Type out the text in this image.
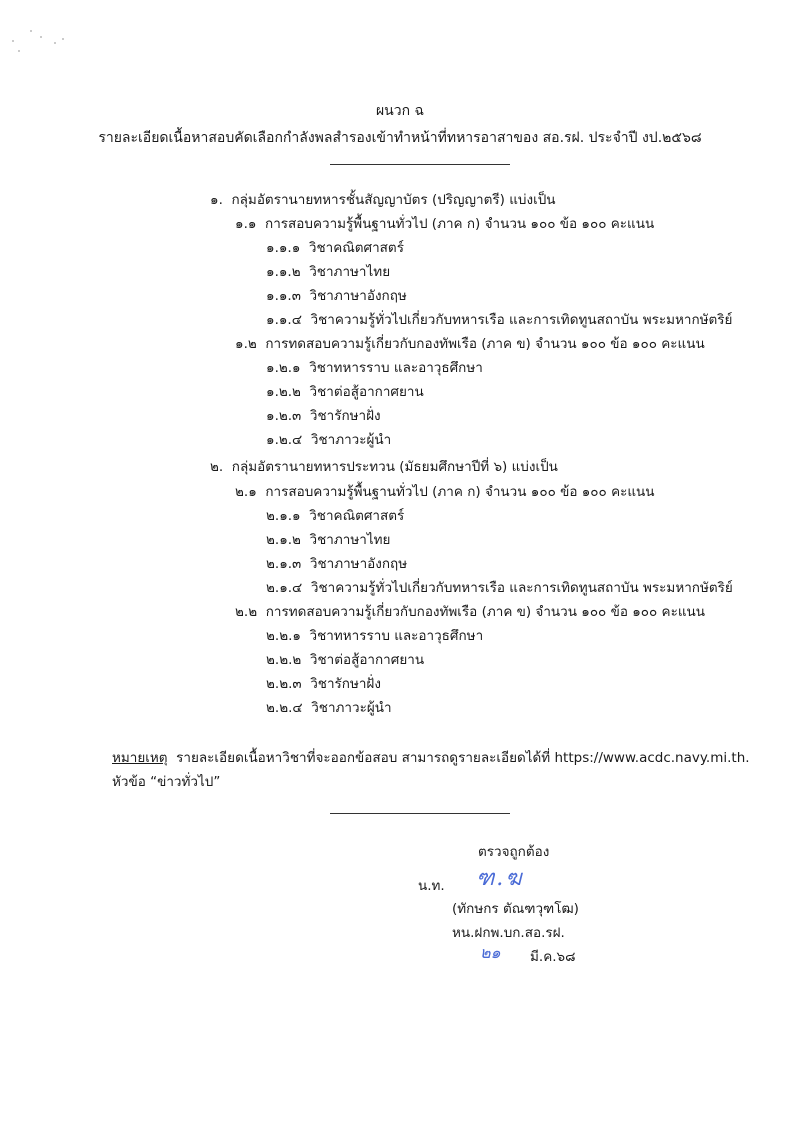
ผนวก ฉ
รายละเอียดเนื้อหาสอบคัดเลือกกำลังพลสำรองเข้าทำหน้าที่ทหารอาสาของ สอ.รฝ. ประจำปี งป.๒๕๖๘
๑. กลุ่มอัตรานายทหารชั้นสัญญาบัตร (ปริญญาตรี) แบ่งเป็น
๑.๑ การสอบความรู้พื้นฐานทั่วไป (ภาค ก) จำนวน ๑๐๐ ข้อ ๑๐๐ คะแนน
๑.๑.๑ วิชาคณิตศาสตร์
๑.๑.๒ วิชาภาษาไทย
๑.๑.๓ วิชาภาษาอังกฤษ
๑.๑.๔ วิชาความรู้ทั่วไปเกี่ยวกับทหารเรือ และการเทิดทูนสถาบัน พระมหากษัตริย์
๑.๒ การทดสอบความรู้เกี่ยวกับกองทัพเรือ (ภาค ข) จำนวน ๑๐๐ ข้อ ๑๐๐ คะแนน
๑.๒.๑ วิชาทหารราบ และอาวุธศึกษา
๑.๒.๒ วิชาต่อสู้อากาศยาน
๑.๒.๓ วิชารักษาฝั่ง
๑.๒.๔ วิชาภาวะผู้นำ
๒. กลุ่มอัตรานายทหารประทวน (มัธยมศึกษาปีที่ ๖) แบ่งเป็น
๒.๑ การสอบความรู้พื้นฐานทั่วไป (ภาค ก) จำนวน ๑๐๐ ข้อ ๑๐๐ คะแนน
๒.๑.๑ วิชาคณิตศาสตร์
๒.๑.๒ วิชาภาษาไทย
๒.๑.๓ วิชาภาษาอังกฤษ
๒.๑.๔ วิชาความรู้ทั่วไปเกี่ยวกับทหารเรือ และการเทิดทูนสถาบัน พระมหากษัตริย์
๒.๒ การทดสอบความรู้เกี่ยวกับกองทัพเรือ (ภาค ข) จำนวน ๑๐๐ ข้อ ๑๐๐ คะแนน
๒.๒.๑ วิชาทหารราบ และอาวุธศึกษา
๒.๒.๒ วิชาต่อสู้อากาศยาน
๒.๒.๓ วิชารักษาฝั่ง
๒.๒.๔ วิชาภาวะผู้นำ
หมายเหตุ รายละเอียดเนื้อหาวิชาที่จะออกข้อสอบ สามารถดูรายละเอียดได้ที่ https://www.acdc.navy.mi.th.
หัวข้อ “ข่าวทั่วไป”
ตรวจถูกต้อง
น.ท. ฑ.ฆ
(ทักษกร ตัณฑวุฑโฒ)
หน.ฝกพ.บก.สอ.รฝ.
๒๑ มี.ค.๖๘
